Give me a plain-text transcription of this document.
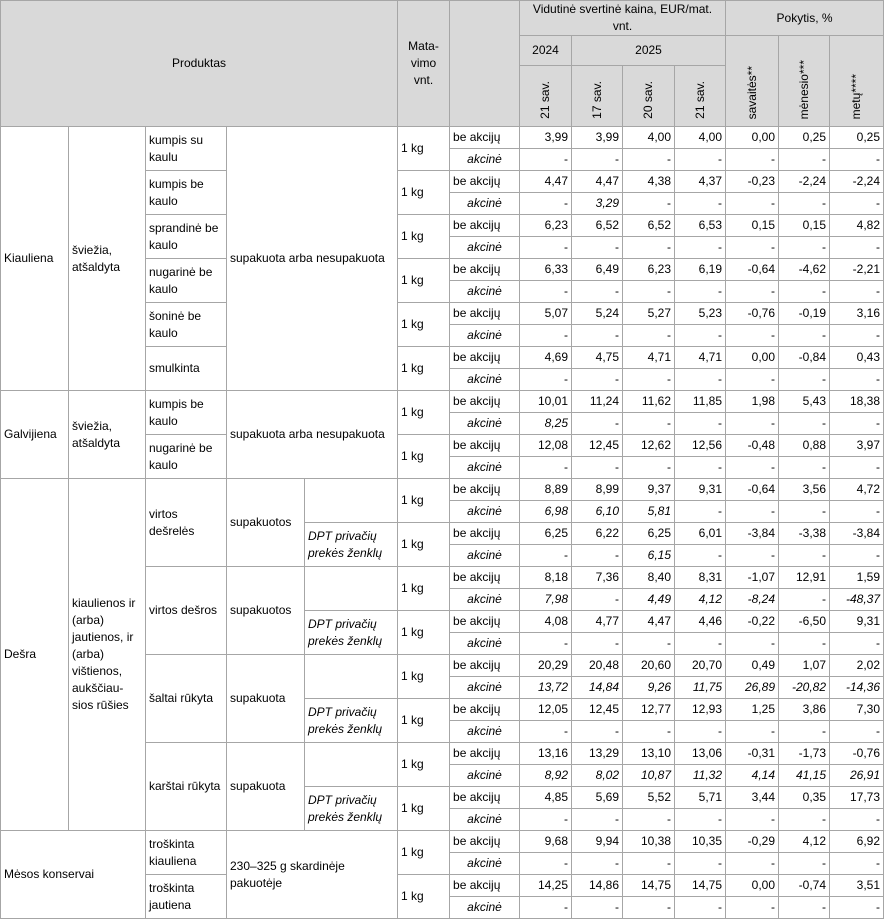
Produktas					Mata-vimo vnt.		Vidutinė svertinė kaina, EUR/mat. vnt.				Pokytis, %		
							2024	2025			savaitės**	mėnesio***	metų****
							21 sav.	17 sav.	20 sav.	21 sav.			
Kiauliena	šviežia, atšaldyta	kumpis su kaulu	supakuota arba nesupakuota		1 kg	be akcijų	3,99	3,99	4,00	4,00	0,00	0,25	0,25
						akcinė	-	-	-	-	-	-	-
		kumpis be kaulo			1 kg	be akcijų	4,47	4,47	4,38	4,37	-0,23	-2,24	-2,24
						akcinė	-	3,29	-	-	-	-	-
		sprandinė be kaulo			1 kg	be akcijų	6,23	6,52	6,52	6,53	0,15	0,15	4,82
						akcinė	-	-	-	-	-	-	-
		nugarinė be kaulo			1 kg	be akcijų	6,33	6,49	6,23	6,19	-0,64	-4,62	-2,21
						akcinė	-	-	-	-	-	-	-
		šoninė be kaulo			1 kg	be akcijų	5,07	5,24	5,27	5,23	-0,76	-0,19	3,16
						akcinė	-	-	-	-	-	-	-
		smulkinta			1 kg	be akcijų	4,69	4,75	4,71	4,71	0,00	-0,84	0,43
						akcinė	-	-	-	-	-	-	-
Galvijiena	šviežia, atšaldyta	kumpis be kaulo	supakuota arba nesupakuota		1 kg	be akcijų	10,01	11,24	11,62	11,85	1,98	5,43	18,38
						akcinė	8,25	-	-	-	-	-	-
		nugarinė be kaulo			1 kg	be akcijų	12,08	12,45	12,62	12,56	-0,48	0,88	3,97
						akcinė	-	-	-	-	-	-	-
Dešra	kiaulienos ir (arba) jautienos, ir (arba) vištienos, aukščiau-sios rūšies	virtos dešrelės	supakuotos		1 kg	be akcijų	8,89	8,99	9,37	9,31	-0,64	3,56	4,72
						akcinė	6,98	6,10	5,81	-	-	-	-
				DPT privačių prekės ženklų	1 kg	be akcijų	6,25	6,22	6,25	6,01	-3,84	-3,38	-3,84
						akcinė	-	-	6,15	-	-	-	-
		virtos dešros	supakuotos		1 kg	be akcijų	8,18	7,36	8,40	8,31	-1,07	12,91	1,59
						akcinė	7,98	-	4,49	4,12	-8,24	-	-48,37
				DPT privačių prekės ženklų	1 kg	be akcijų	4,08	4,77	4,47	4,46	-0,22	-6,50	9,31
						akcinė	-	-	-	-	-	-	-
		šaltai rūkyta	supakuota		1 kg	be akcijų	20,29	20,48	20,60	20,70	0,49	1,07	2,02
						akcinė	13,72	14,84	9,26	11,75	26,89	-20,82	-14,36
				DPT privačių prekės ženklų	1 kg	be akcijų	12,05	12,45	12,77	12,93	1,25	3,86	7,30
						akcinė	-	-	-	-	-	-	-
		karštai rūkyta	supakuota		1 kg	be akcijų	13,16	13,29	13,10	13,06	-0,31	-1,73	-0,76
						akcinė	8,92	8,02	10,87	11,32	4,14	41,15	26,91
				DPT privačių prekės ženklų	1 kg	be akcijų	4,85	5,69	5,52	5,71	3,44	0,35	17,73
						akcinė	-	-	-	-	-	-	-
Mėsos konservai		troškinta kiauliena	230–325 g skardinėje pakuotėje		1 kg	be akcijų	9,68	9,94	10,38	10,35	-0,29	4,12	6,92
						akcinė	-	-	-	-	-	-	-
		troškinta jautiena			1 kg	be akcijų	14,25	14,86	14,75	14,75	0,00	-0,74	3,51
						akcinė	-	-	-	-	-	-	-
